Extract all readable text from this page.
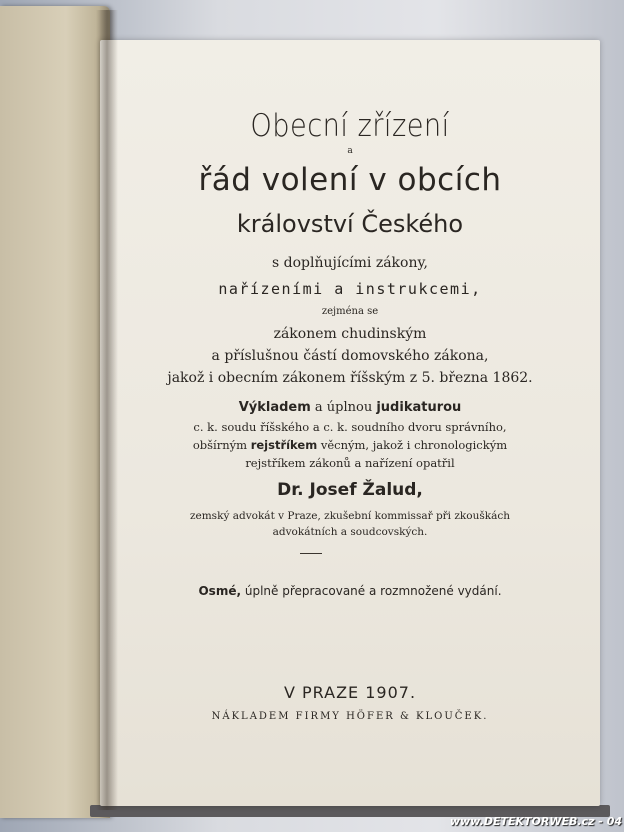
Obecní zřízení
a
řád volení v obcích
království Českého
s doplňujícími zákony,
nařízeními a instrukcemi,
zejména se
zákonem chudinským
a příslušnou částí domovského zákona,
jakož i obecním zákonem říšským z 5. března 1862.
Výkladem a úplnou judikaturou
c. k. soudu říšského a c. k. soudního dvoru správního,
obšírným rejstříkem věcným, jakož i chronologickým
rejstříkem zákonů a nařízení opatřil
Dr. Josef Žalud,
zemský advokát v Praze, zkušební kommissař při zkouškách
advokátních a soudcovských.
Osmé, úplně přepracované a rozmnožené vydání.
V PRAZE 1907.
NÁKLADEM FIRMY HÖFER & KLOUČEK.
www.DETEKTORWEB.cz - 04
